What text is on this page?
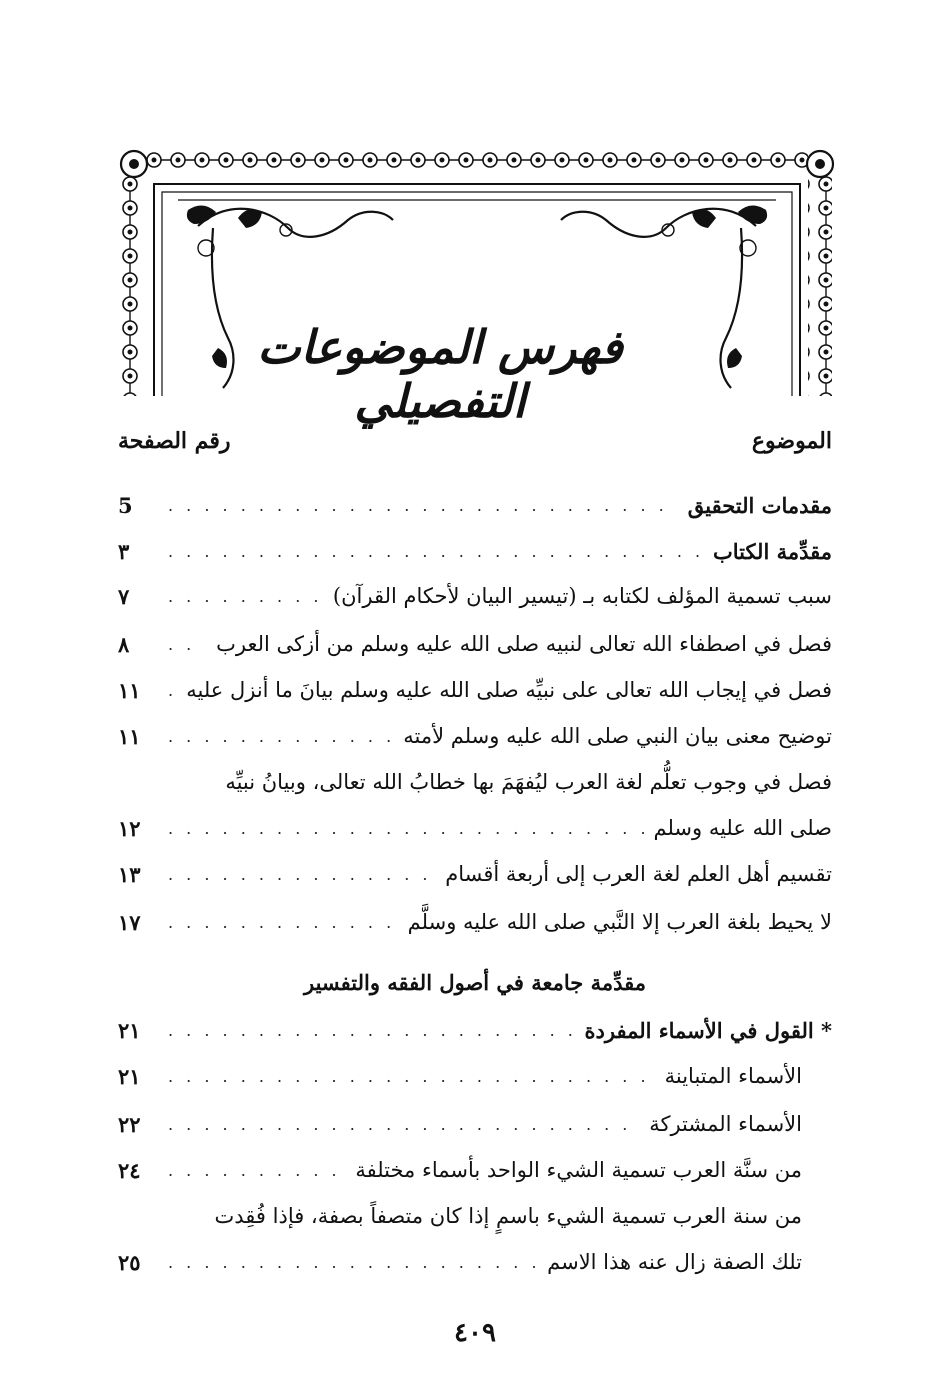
فهرس الموضوعات التفصيلي
الموضوع
رقم الصفحة
مقدمات التحقيق
. . .
5
مقدِّمة الكتاب
. . .
٣
سبب تسمية المؤلف لكتابه بـ (تيسير البيان لأحكام القرآن)
. . .
٧
فصل في اصطفاء الله تعالى لنبيه صلى الله عليه وسلم من أزكى العرب
. . .
٨
فصل في إيجاب الله تعالى على نبيِّه صلى الله عليه وسلم بيانَ ما أنزل عليه
. . .
١١
توضيح معنى بيان النبي صلى الله عليه وسلم لأمته
. . .
١١
فصل في وجوب تعلُّم لغة العرب ليُفهَمَ بها خطابُ الله تعالى، وبيانُ نبيِّه
صلى الله عليه وسلم
. . .
١٢
تقسيم أهل العلم لغة العرب إلى أربعة أقسام
. . .
١٣
لا يحيط بلغة العرب إلا النَّبي صلى الله عليه وسلَّم
. . .
١٧
مقدِّمة جامعة في أصول الفقه والتفسير
* القول في الأسماء المفردة
. . .
٢١
الأسماء المتباينة
. . .
٢١
الأسماء المشتركة
. . .
٢٢
من سنَّة العرب تسمية الشيء الواحد بأسماء مختلفة
. . .
٢٤
من سنة العرب تسمية الشيء باسمٍ إذا كان متصفاً بصفة، فإذا فُقِدت
تلك الصفة زال عنه هذا الاسم
. . .
٢٥
٤٠٩
